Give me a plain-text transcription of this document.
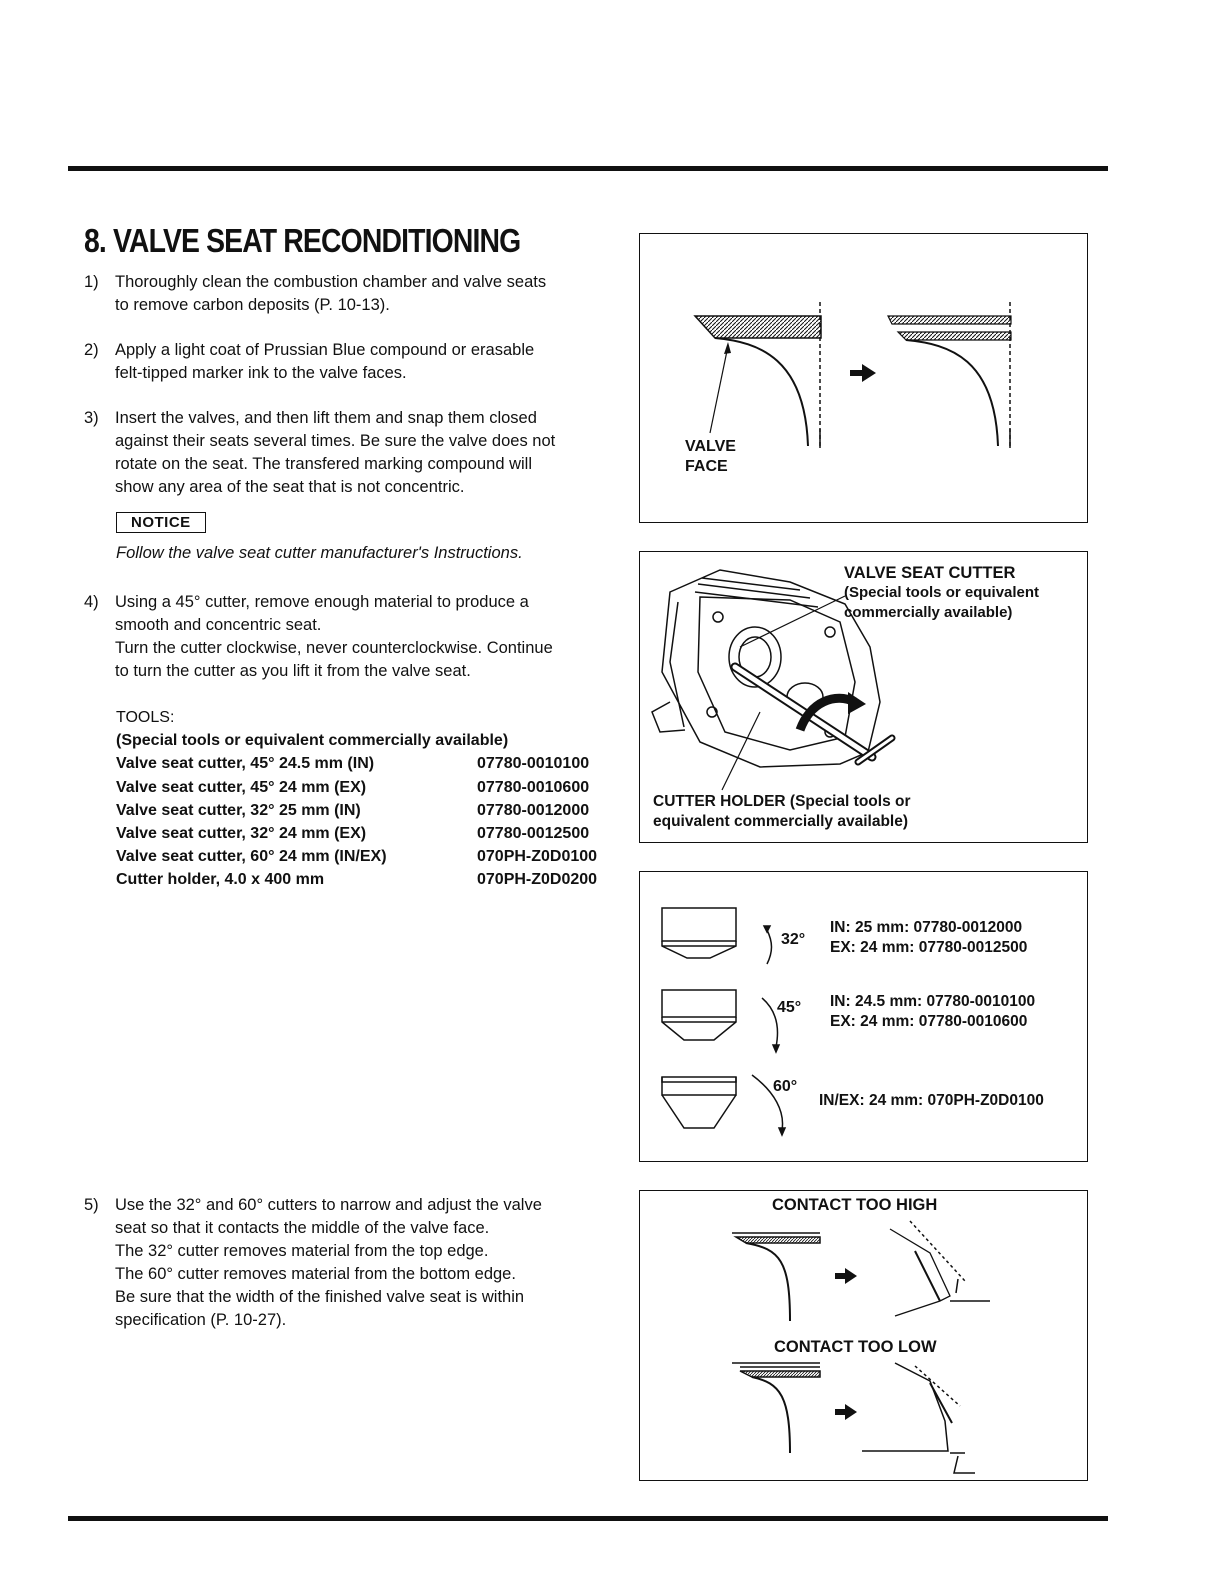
8. VALVE SEAT RECONDITIONING
1) Thoroughly clean the combustion chamber and valve seats

to remove carbon deposits (P. 10-13).

2) Apply a light coat of Prussian Blue compound or erasable

felt-tipped marker ink to the valve faces.

3) Insert the valves, and then lift them and snap them closed

against their seats several times. Be sure the valve does not

rotate on the seat. The transfered marking compound will

show any area of the seat that is not concentric.

NOTICE
Follow the valve seat cutter manufacturer's Instructions.
4) Using a 45° cutter, remove enough material to produce a

smooth and concentric seat.

Turn the cutter clockwise, never counterclockwise. Continue

to turn the cutter as you lift it from the valve seat.

TOOLS:
(Special tools or equivalent commercially available)
Valve seat cutter, 45° 24.5 mm (IN)	07780-0010100
Valve seat cutter, 45° 24 mm (EX)	07780-0010600
Valve seat cutter, 32° 25 mm (IN)	07780-0012000
Valve seat cutter, 32° 24 mm (EX)	07780-0012500
Valve seat cutter, 60° 24 mm (IN/EX)	070PH-Z0D0100
Cutter holder, 4.0 x 400 mm	070PH-Z0D0200
5) Use the 32° and 60° cutters to narrow and adjust the valve

seat so that it contacts the middle of the valve face.

The 32° cutter removes material from the top edge.

The 60° cutter removes material from the bottom edge.

Be sure that the width of the finished valve seat is within

specification (P. 10-27).

VALVE
FACE
VALVE SEAT CUTTER
(Special tools or equivalent
commercially available)
CUTTER HOLDER (Special tools or
equivalent commercially available)
32°
IN: 25 mm: 07780-0012000
EX: 24 mm: 07780-0012500
45° IN: 24.5 mm: 07780-0010100
EX: 24 mm: 07780-0010600
60°
IN/EX: 24 mm: 070PH-Z0D0100
CONTACT TOO HIGH
CONTACT TOO LOW
